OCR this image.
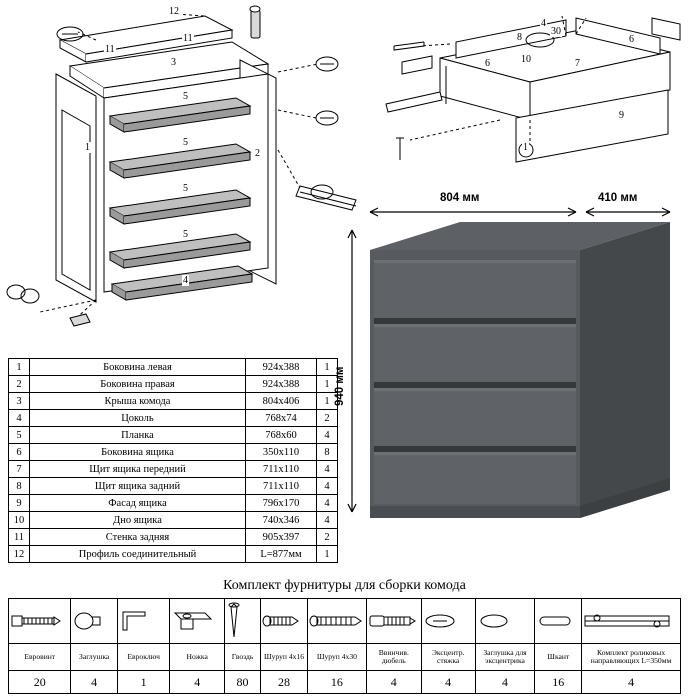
12
11
11
3
5
5
5
5
1
2
4
8
30
4
6
6	10	7
1
9
804 мм	410 мм
940 мм
1	Боковина левая	924х388	1
2	Боковина правая	924х388	1
3	Крыша комода	804х406	1
4	Цоколь	768х74	2
5	Планка	768х60	4
6	Боковина ящика	350х110	8
7	Щит ящика передний	711х110	4
8	Щит ящика задний	711х110	4
9	Фасад ящика	796х170	4
10	Дно ящика	740х346	4
11	Стенка задняя	905х397	2
12	Профиль соединительный	L=877мм	1
Комплект фурнитуры для сборки комода

Евровинт	Заглушка	Евроключ	Ножка	Гвоздь	Шуруп 4х16	Шуруп 4х30	Ввинчив. дюбель	Эксцентр. стяжка	Заглушка для эксцентрика	Шкант	Комплект роликовых направляющих L=350мм
20	4	1	4	80	28	16	4	4	4	16	4
